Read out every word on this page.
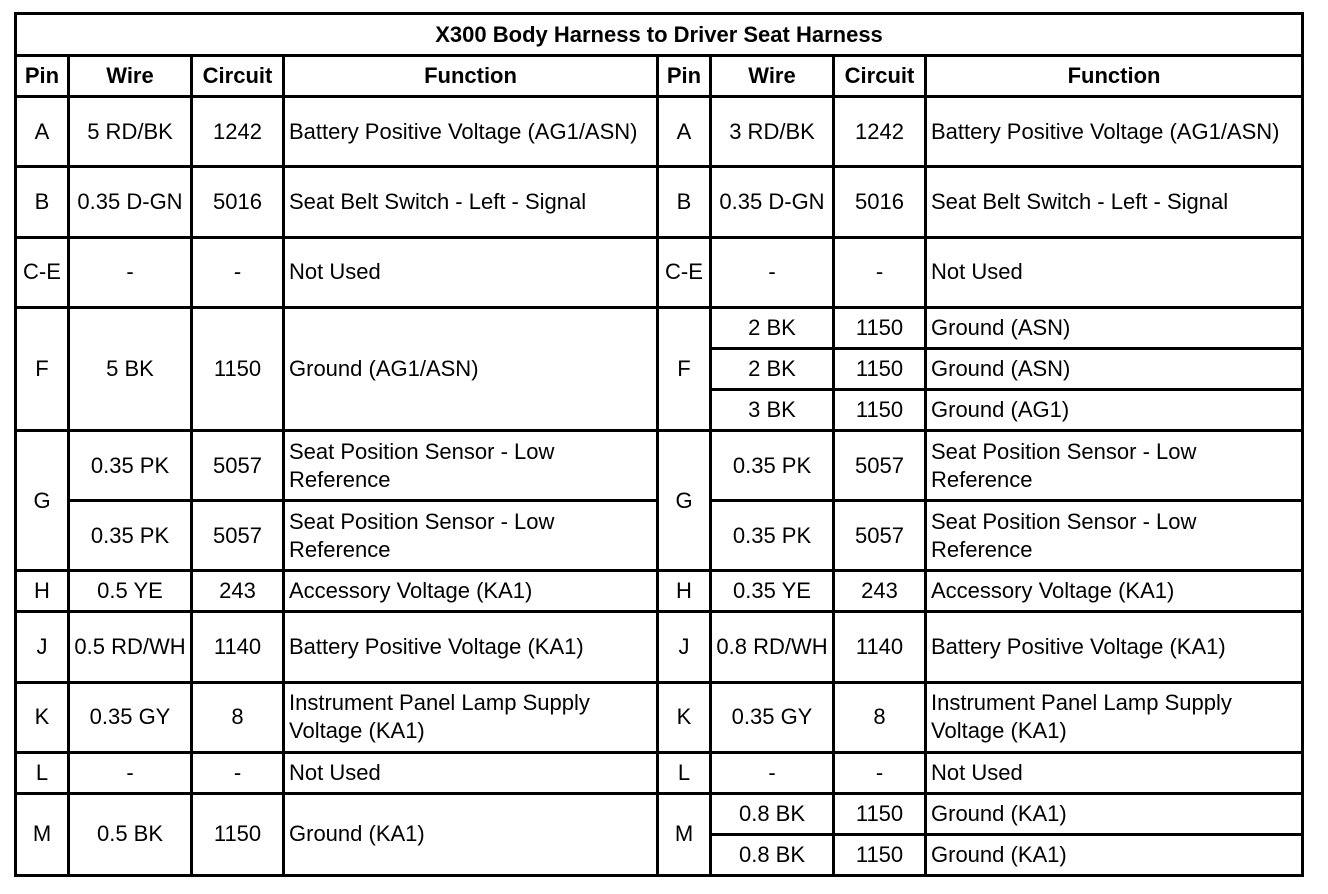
X300 Body Harness to Driver Seat Harness							
Pin	Wire	Circuit	Function	Pin	Wire	Circuit	Function
A	5 RD/BK	1242	Battery Positive Voltage (AG1/ASN)	A	3 RD/BK	1242	Battery Positive Voltage (AG1/ASN)
B	0.35 D-GN	5016	Seat Belt Switch - Left - Signal	B	0.35 D-GN	5016	Seat Belt Switch - Left - Signal
C-E	-	-	Not Used	C-E	-	-	Not Used
F	5 BK	1150	Ground (AG1/ASN)	F	2 BK	1150	Ground (ASN)
					2 BK	1150	Ground (ASN)
					3 BK	1150	Ground (AG1)
G	0.35 PK	5057	Seat Position Sensor - Low Reference	G	0.35 PK	5057	Seat Position Sensor - Low Reference
	0.35 PK	5057	Seat Position Sensor - Low Reference		0.35 PK	5057	Seat Position Sensor - Low Reference
H	0.5 YE	243	Accessory Voltage (KA1)	H	0.35 YE	243	Accessory Voltage (KA1)
J	0.5 RD/WH	1140	Battery Positive Voltage (KA1)	J	0.8 RD/WH	1140	Battery Positive Voltage (KA1)
K	0.35 GY	8	Instrument Panel Lamp Supply Voltage (KA1)	K	0.35 GY	8	Instrument Panel Lamp Supply Voltage (KA1)
L	-	-	Not Used	L	-	-	Not Used
M	0.5 BK	1150	Ground (KA1)	M	0.8 BK	1150	Ground (KA1)
					0.8 BK	1150	Ground (KA1)
